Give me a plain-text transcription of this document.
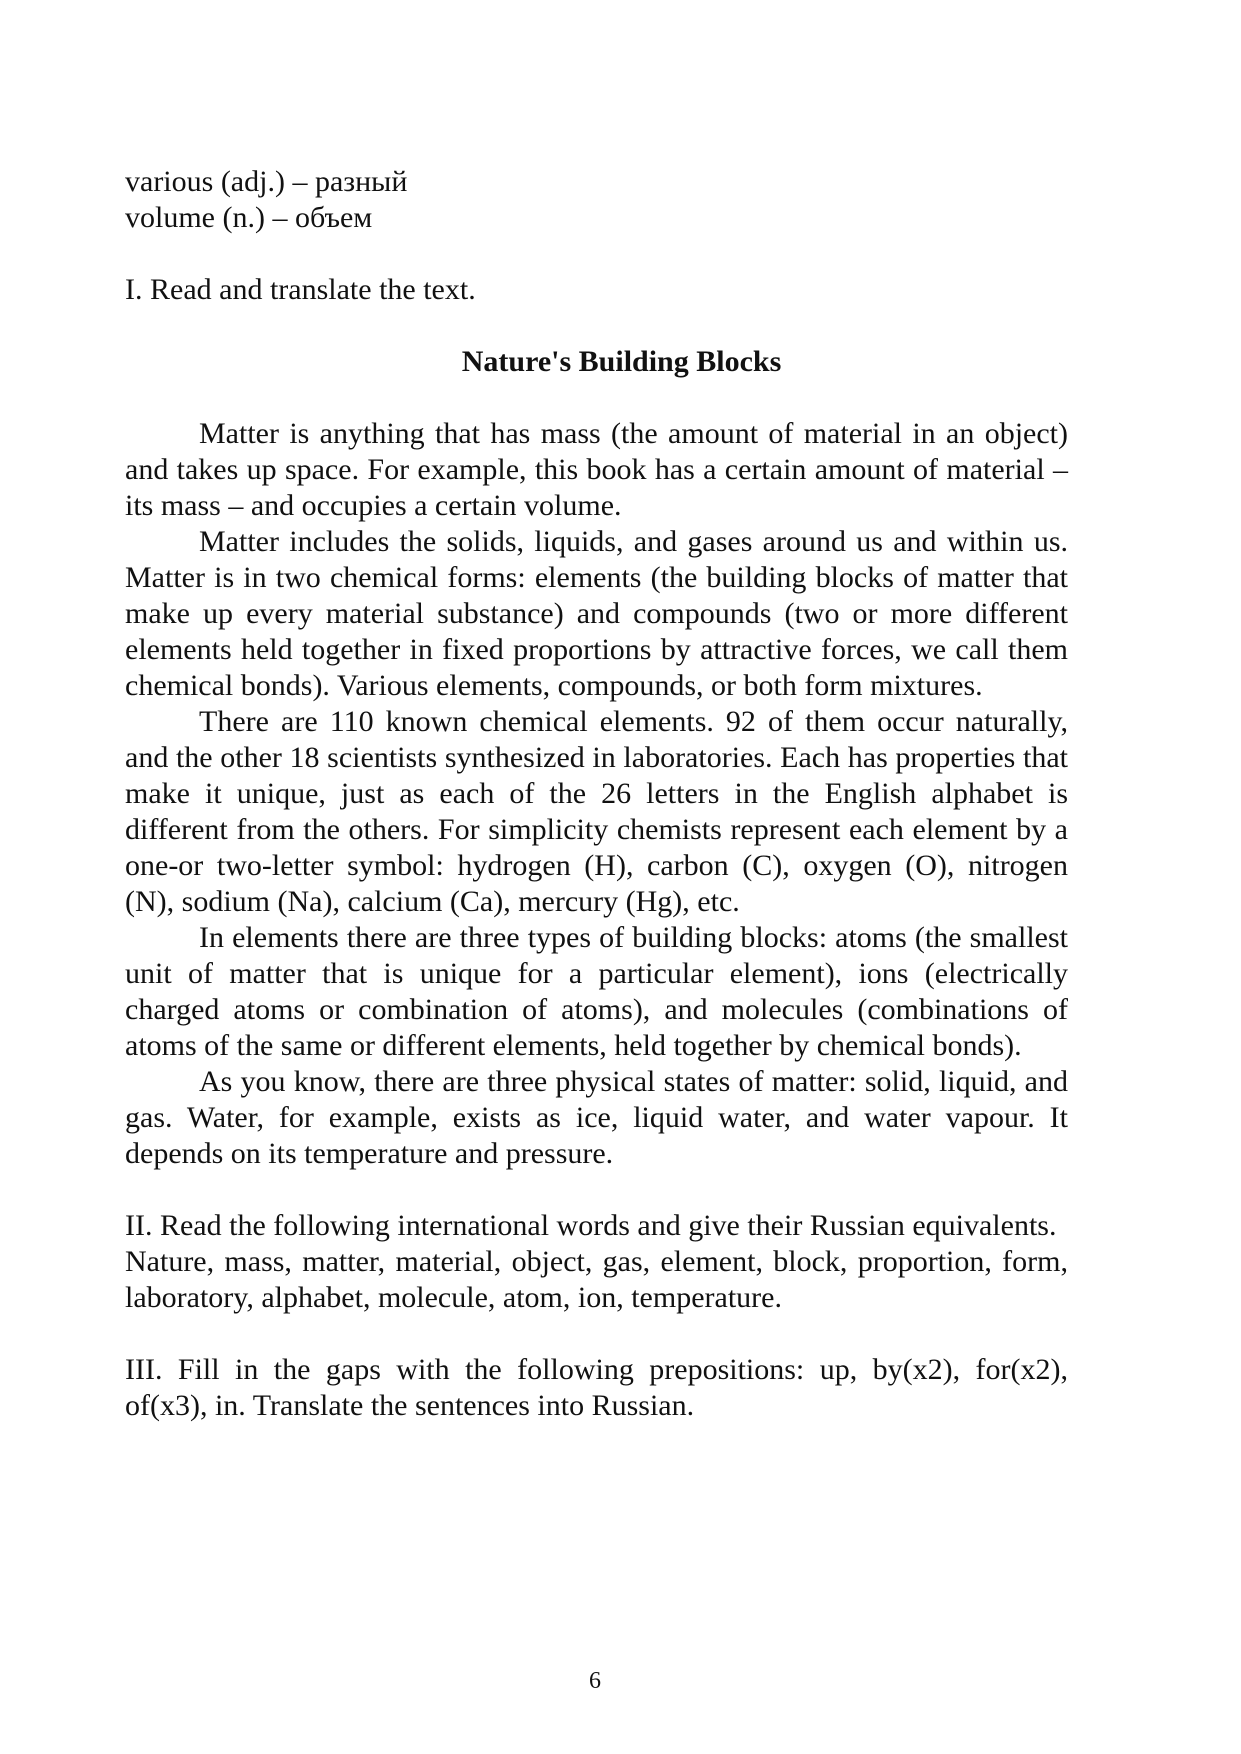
various (adj.) – разный

volume (n.) – объем

I. Read and translate the text.

Nature's Building Blocks

Matter is anything that has mass (the amount of material in an object) and takes up space. For example, this book has a certain amount of material – its mass – and occupies a certain volume.

Matter includes the solids, liquids, and gases around us and within us. Matter is in two chemical forms: elements (the building blocks of matter that make up every material substance) and compounds (two or more different elements held together in fixed proportions by attractive forces, we call them chemical bonds). Various elements, compounds, or both form mixtures.

There are 110 known chemical elements. 92 of them occur naturally, and the other 18 scientists synthesized in laboratories. Each has properties that make it unique, just as each of the 26 letters in the English alphabet is different from the others. For simplicity chemists represent each element by a one-or two-letter symbol: hydrogen (H), carbon (C), oxygen (O), nitrogen (N), sodium (Na), calcium (Ca), mercury (Hg), etc.

In elements there are three types of building blocks: atoms (the smallest unit of matter that is unique for a particular element), ions (electrically charged atoms or combination of atoms), and molecules (combinations of atoms of the same or different elements, held together by chemical bonds).

As you know, there are three physical states of matter: solid, liquid, and gas. Water, for example, exists as ice, liquid water, and water vapour. It depends on its temperature and pressure.

II. Read the following international words and give their Russian equivalents.

Nature, mass, matter, material, object, gas, element, block, proportion, form, laboratory, alphabet, molecule, atom, ion, temperature.

III. Fill in the gaps with the following prepositions: up, by(x2), for(x2), of(x3), in. Translate the sentences into Russian.

6
